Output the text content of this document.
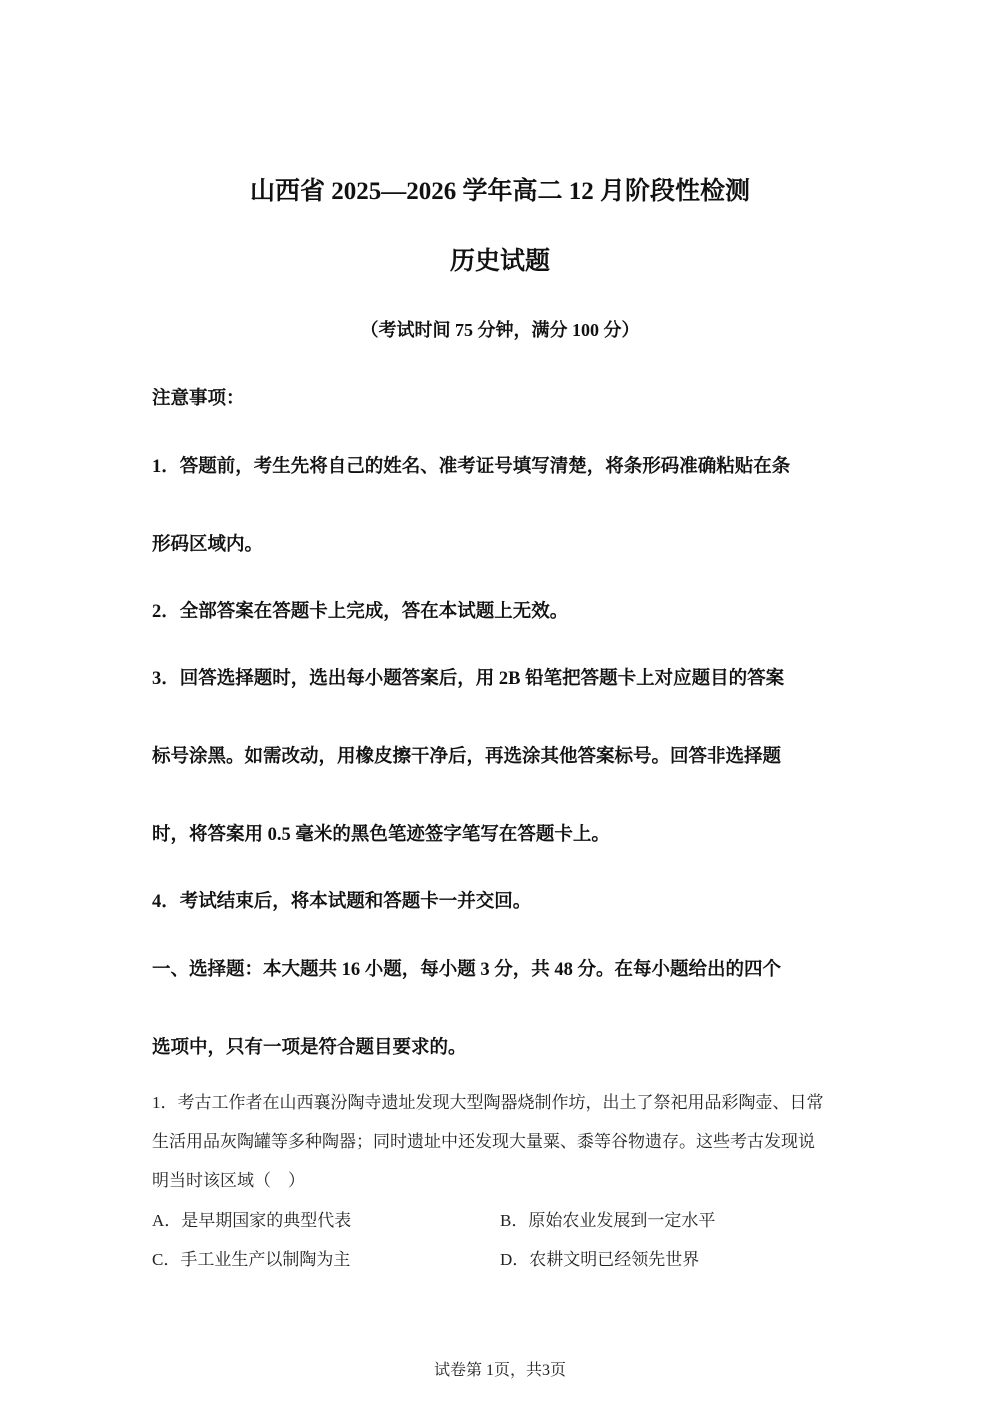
山西省 2025—2026 学年高二 12 月阶段性检测
历史试题
（考试时间 75 分钟，满分 100 分）
注意事项：
1．答题前，考生先将自己的姓名、准考证号填写清楚，将条形码准确粘贴在条
形码区域内。
2．全部答案在答题卡上完成，答在本试题上无效。
3．回答选择题时，选出每小题答案后，用 2B 铅笔把答题卡上对应题目的答案
标号涂黑。如需改动，用橡皮擦干净后，再选涂其他答案标号。回答非选择题
时，将答案用 0.5 毫米的黑色笔迹签字笔写在答题卡上。
4．考试结束后，将本试题和答题卡一并交回。
一、选择题：本大题共 16 小题，每小题 3 分，共 48 分。在每小题给出的四个
选项中，只有一项是符合题目要求的。
1．考古工作者在山西襄汾陶寺遗址发现大型陶器烧制作坊，出土了祭祀用品彩陶壶、日常
生活用品灰陶罐等多种陶器；同时遗址中还发现大量粟、黍等谷物遗存。这些考古发现说
明当时该区域（　）
A．是早期国家的典型代表	B．原始农业发展到一定水平
C．手工业生产以制陶为主	D．农耕文明已经领先世界
试卷第 1页，共3页
